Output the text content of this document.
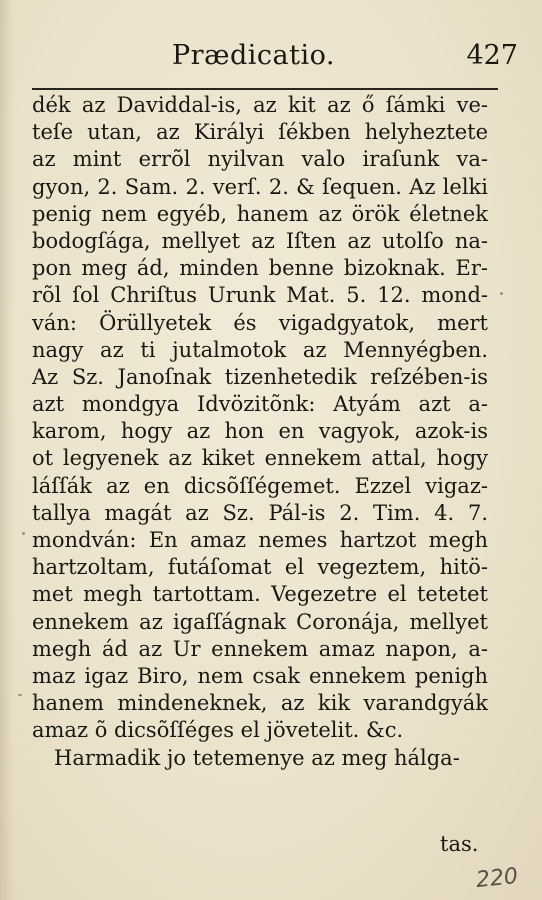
Prædicatio.	427
dék az Daviddal-is, az kit az ő ſámki ve-
teſe utan, az Királyi ſékben helyheztete
az mint errõl nyilvan valo iraſunk va-
gyon, 2. Sam. 2. verſ. 2. & ſequen. Az lelki
penig nem egyéb, hanem az örök életnek
bodogſága, mellyet az Iſten az utolſo na-
pon meg ád, minden benne bizoknak. Er-
rõl ſol Chriſtus Urunk Mat. 5. 12. mond-
ván: Örüllyetek és vigadgyatok, mert
nagy az ti jutalmotok az Mennyégben.
Az Sz. Janoſnak tizenhetedik reſzében-is
azt mondgya Idvözitõnk: Atyám azt a-
karom, hogy az hon en vagyok, azok-is
ot legyenek az kiket ennekem attal, hogy
láſſák az en dicsõſſégemet. Ezzel vigaz-
tallya magát az Sz. Pál-is 2. Tim. 4. 7.
mondván: En amaz nemes hartzot megh
hartzoltam, futáſomat el vegeztem, hitö-
met megh tartottam. Vegezetre el tetetet
ennekem az igaſſágnak Coronája, mellyet
megh ád az Ur ennekem amaz napon, a-
maz igaz Biro, nem csak ennekem penigh
hanem mindeneknek, az kik varandgyák
amaz õ dicsõſſéges el jövetelit. &c.
Harmadik jo tetemenye az meg hálga-
tas.
220
